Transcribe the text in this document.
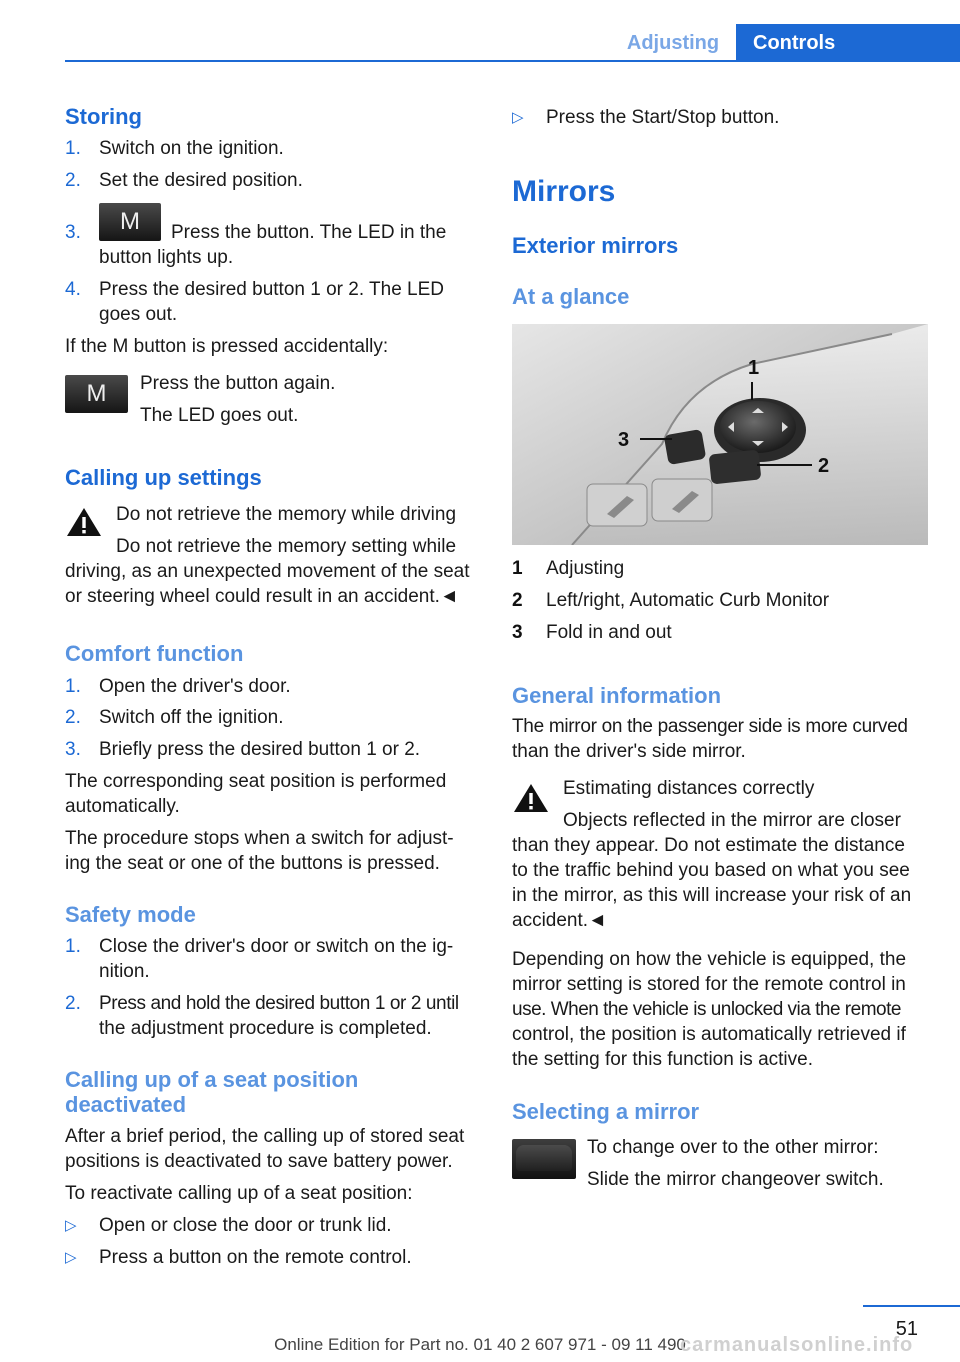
Adjusting	Controls
Storing
1. Switch on the ignition.
2. Set the desired position.
3.	M	Press the button. The LED in the
button lights up.
4. Press the desired button 1 or 2. The LED
goes out.
If the M button is pressed accidentally:
M	Press the button again.
The LED goes out.
Calling up settings
Do not retrieve the memory while driving
Do not retrieve the memory setting while
driving, as an unexpected movement of the seat
or steering wheel could result in an accident.◄
Comfort function
1. Open the driver's door.
2. Switch off the ignition.
3. Briefly press the desired button 1 or 2.
The corresponding seat position is performed
automatically.
The procedure stops when a switch for adjust‐
ing the seat or one of the buttons is pressed.
Safety mode
1. Close the driver's door or switch on the ig‐
nition.
2. Press and hold the desired button 1 or 2 until
the adjustment procedure is completed.
Calling up of a seat position
deactivated
After a brief period, the calling up of stored seat
positions is deactivated to save battery power.
To reactivate calling up of a seat position:
▷ Open or close the door or trunk lid.
▷ Press a button on the remote control.
▷ Press the Start/Stop button.
Mirrors
Exterior mirrors
At a glance
1
2
3
1 Adjusting
2 Left/right, Automatic Curb Monitor
3 Fold in and out
General information
The mirror on the passenger side is more curved
than the driver's side mirror.
Estimating distances correctly
Objects reflected in the mirror are closer
than they appear. Do not estimate the distance
to the traffic behind you based on what you see
in the mirror, as this will increase your risk of an
accident.◄
Depending on how the vehicle is equipped, the
mirror setting is stored for the remote control in
use. When the vehicle is unlocked via the remote
control, the position is automatically retrieved if
the setting for this function is active.
Selecting a mirror
To change over to the other mirror:
Slide the mirror changeover switch.
51
Online Edition for Part no. 01 40 2 607 971 - 09 11 490
carmanualsonline.info
